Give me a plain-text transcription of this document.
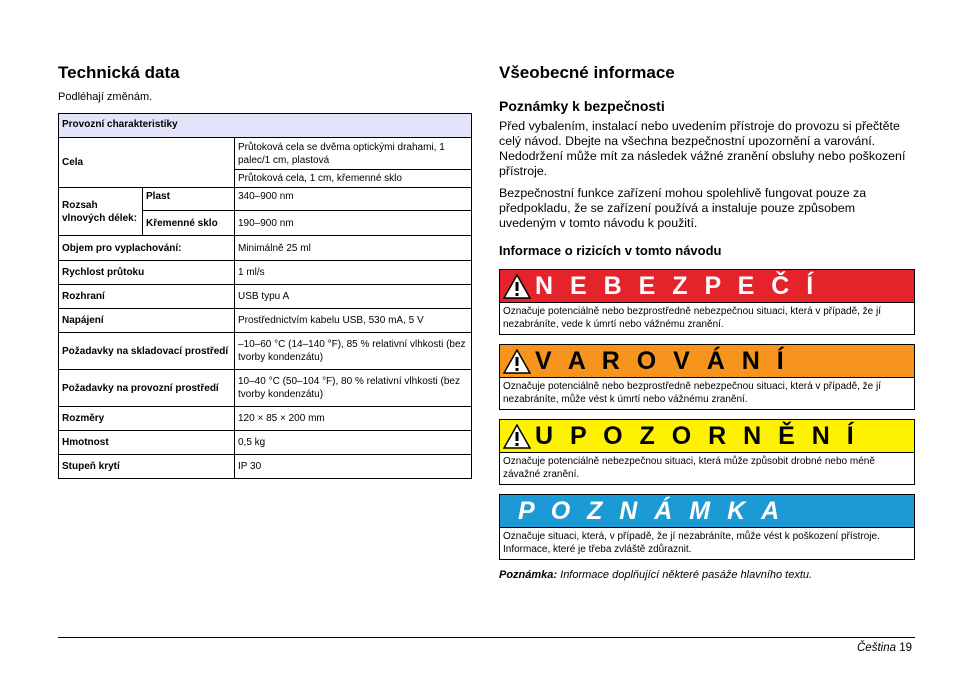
Technická data
Podléhají změnám.
Provozní charakteristiky		
Cela		Průtoková cela se dvěma optickými drahami, 1 palec/1 cm, plastová
		Průtoková cela, 1 cm, křemenné sklo
Rozsah vlnových délek:	Plast	340–900 nm
	Křemenné sklo	190–900 nm
Objem pro vyplachování:		Minimálně 25 ml
Rychlost průtoku		1 ml/s
Rozhraní		USB typu A
Napájení		Prostřednictvím kabelu USB, 530 mA, 5 V
Požadavky na skladovací prostředí		–10–60 °C (14–140 °F), 85 % relativní vlhkosti (bez tvorby kondenzátu)
Požadavky na provozní prostředí		10–40 °C (50–104 °F), 80 % relativní vlhkosti (bez tvorby kondenzátu)
Rozměry		120 × 85 × 200 mm
Hmotnost		0,5 kg
Stupeň krytí		IP 30
Všeobecné informace
Poznámky k bezpečnosti

Před vybalením, instalací nebo uvedením přístroje do provozu si přečtěte celý návod. Dbejte na všechna bezpečnostní upozornění a varování. Nedodržení může mít za následek vážné zranění obsluhy nebo poškození přístroje.

Bezpečnostní funkce zařízení mohou spolehlivě fungovat pouze za předpokladu, že se zařízení používá a instaluje pouze způsobem uvedeným v tomto návodu k použití.

Informace o rizicích v tomto návodu
N E B E Z P E Č Í
Označuje potenciálně nebo bezprostředně nebezpečnou situaci, která v případě, že jí nezabráníte, vede k úmrtí nebo vážnému zranění.
V A R O V Á N Í
Označuje potenciálně nebo bezprostředně nebezpečnou situaci, která v případě, že jí nezabráníte, může vést k úmrtí nebo vážnému zranění.
U P O Z O R N Ě N Í
Označuje potenciálně nebezpečnou situaci, která může způsobit drobné nebo méně závažné zranění.
P O Z N Á M K A
Označuje situaci, která, v případě, že jí nezabráníte, může vést k poškození přístroje. Informace, které je třeba zvláště zdůraznit.
Poznámka: Informace doplňující některé pasáže hlavního textu.
Čeština 19
